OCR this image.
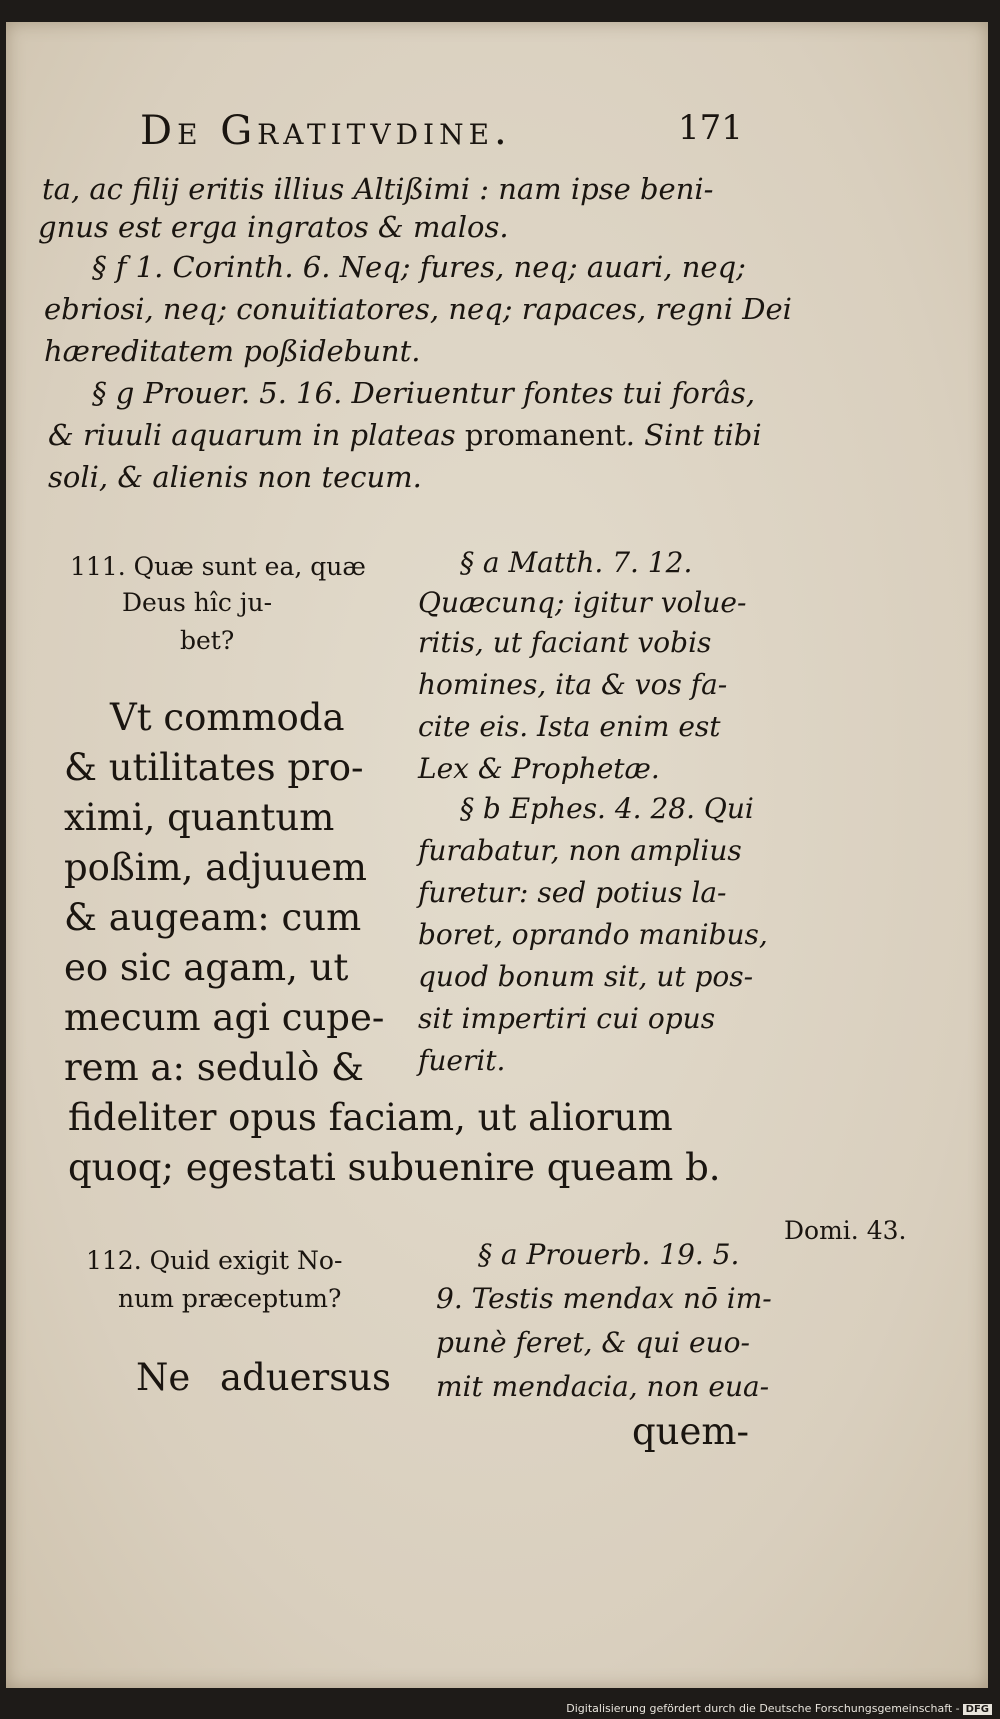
De Gratitvdine.	171
ta, ac filij eritis illius Altißimi : nam ipse beni-
gnus est erga ingratos & malos.
§ f 1. Corinth. 6. Neq; fures, neq; auari, neq;
ebriosi, neq; conuitiatores, neq; rapaces, regni Dei
hæreditatem poßidebunt.
§ g Prouer. 5. 16. Deriuentur fontes tui forâs,
& riuuli aquarum in plateas promanent. Sint tibi
soli, & alienis non tecum.
111. Quæ sunt ea, quæ
Deus hîc ju-
bet?
Vt commoda
& utilitates pro-
ximi, quantum
poßim, adjuuem
& augeam: cum
eo sic agam, ut
mecum agi cupe-
rem a: sedulò &
fideliter opus faciam, ut aliorum
quoq; egestati subuenire queam b.
§ a Matth. 7. 12.
Quæcunq; igitur volue-
ritis, ut faciant vobis
homines, ita & vos fa-
cite eis. Ista enim est
Lex & Prophetæ.
§ b Ephes. 4. 28. Qui
furabatur, non amplius
furetur: sed potius la-
boret, oprando manibus,
quod bonum sit, ut pos-
sit impertiri cui opus
fuerit.
Domi. 43.
112. Quid exigit No-
num præceptum?
Ne aduersus
§ a Prouerb. 19. 5.
9. Testis mendax nō im-
punè feret, & qui euo-
mit mendacia, non eua-
quem-
Digitalisierung gefördert durch die Deutsche Forschungsgemeinschaft - DFG
